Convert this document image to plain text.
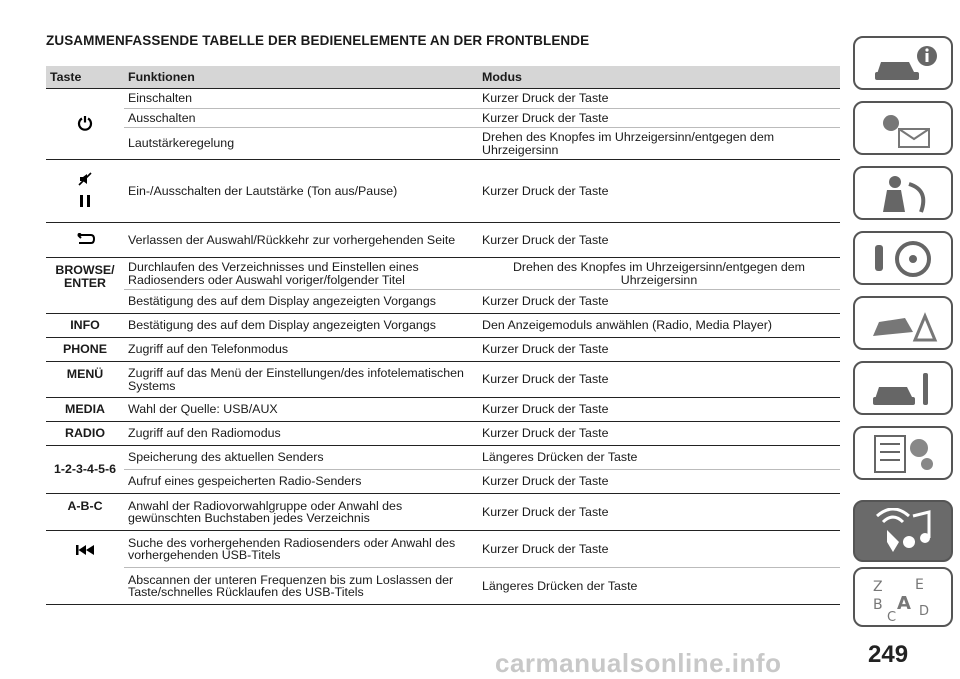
ZUSAMMENFASSENDE TABELLE DER BEDIENELEMENTE AN DER FRONTBLENDE
Taste	Funktionen	Modus
	Einschalten	Kurzer Druck der Taste
	Ausschalten	Kurzer Druck der Taste
	Lautstärkeregelung	Drehen des Knopfes im Uhrzeigersinn/entgegen dem Uhrzeigersinn

	Ein-/Ausschalten der Lautstärke (Ton aus/Pause)	Kurzer Druck der Taste
	Verlassen der Auswahl/Rückkehr zur vorhergehenden Seite	Kurzer Druck der Taste
BROWSE/ ENTER	Durchlaufen des Verzeichnisses und Einstellen eines Radiosenders oder Auswahl voriger/folgender Titel	Drehen des Knopfes im Uhrzeigersinn/entgegen dem Uhrzeigersinn
	Bestätigung des auf dem Display angezeigten Vorgangs	Kurzer Druck der Taste
INFO	Bestätigung des auf dem Display angezeigten Vorgangs	Den Anzeigemoduls anwählen (Radio, Media Player)
PHONE	Zugriff auf den Telefonmodus	Kurzer Druck der Taste
MENÜ	Zugriff auf das Menü der Einstellungen/des infotelematischen Systems	Kurzer Druck der Taste
MEDIA	Wahl der Quelle: USB/AUX	Kurzer Druck der Taste
RADIO	Zugriff auf den Radiomodus	Kurzer Druck der Taste
1-2-3-4-5-6	Speicherung des aktuellen Senders	Längeres Drücken der Taste
	Aufruf eines gespeicherten Radio-Senders	Kurzer Druck der Taste
A-B-C	Anwahl der Radiovorwahlgruppe oder Anwahl des gewünschten Buchstaben jedes Verzeichnis	Kurzer Druck der Taste
	Suche des vorhergehenden Radiosenders oder Anwahl des vorhergehenden USB-Titels	Kurzer Druck der Taste
	Abscannen der unteren Frequenzen bis zum Loslassen der Taste/schnelles Rücklaufen des USB-Titels	Längeres Drücken der Taste	Z E
B A
C D
249
carmanualsonline.info
